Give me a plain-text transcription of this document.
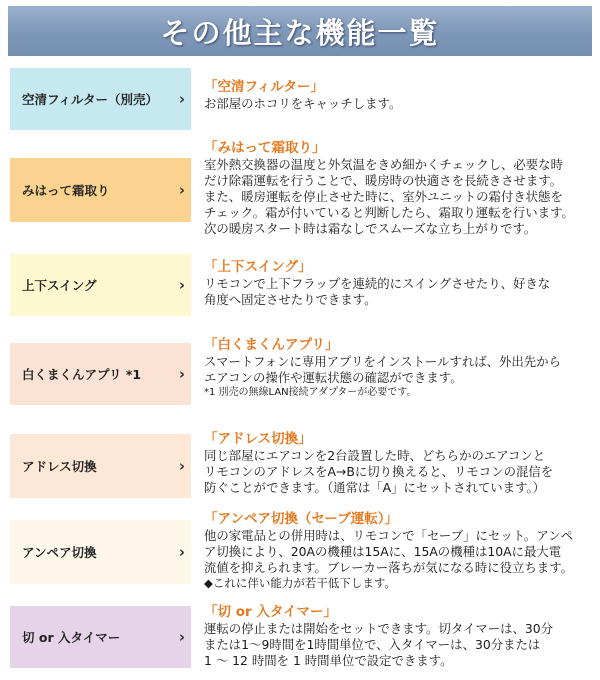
その他主な機能一覧
空清フィルター（別売） ›
「空清フィルター」
お部屋のホコリをキャッチします。
みはって霜取り	›
「みはって霜取り」
室外熱交換器の温度と外気温をきめ細かくチェックし、必要な時
だけ除霜運転を行うことで、暖房時の快適さを長続きさせます。
また、暖房運転を停止させた時に、室外ユニットの霜付き状態を
チェック。霜が付いていると判断したら、霜取り運転を行います。
次の暖房スタート時は霜なしでスムーズな立ち上がりです。
上下スイング	›
「上下スイング」
リモコンで上下フラップを連続的にスイングさせたり、好きな
角度へ固定させたりできます。
白くまくんアプリ *1	›
「白くまくんアプリ」
スマートフォンに専用アプリをインストールすれば、外出先から
エアコンの操作や運転状態の確認ができます。
*1 別売の無線LAN接続アダプターが必要です。
アドレス切換	›
「アドレス切換」
同じ部屋にエアコンを2台設置した時、どちらかのエアコンと
リモコンのアドレスをA→Bに切り換えると、リモコンの混信を
防ぐことができます。（通常は「A」にセットされています。）
アンペア切換	›
「アンペア切換（セーブ運転）」
他の家電品との併用時は、リモコンで「セーブ」にセット。アンペ
ア切換により、20Aの機種は15Aに、15Aの機種は10Aに最大電
流値を抑えられます。ブレーカー落ちが気になる時に役立ちます。
◆これに伴い能力が若干低下します。
切 or 入タイマー	›
「切 or 入タイマー」
運転の停止または開始をセットできます。切タイマーは、30分
または1〜9時間を1時間単位で、入タイマーは、30分または
1 〜 12 時間を 1 時間単位で設定できます。
